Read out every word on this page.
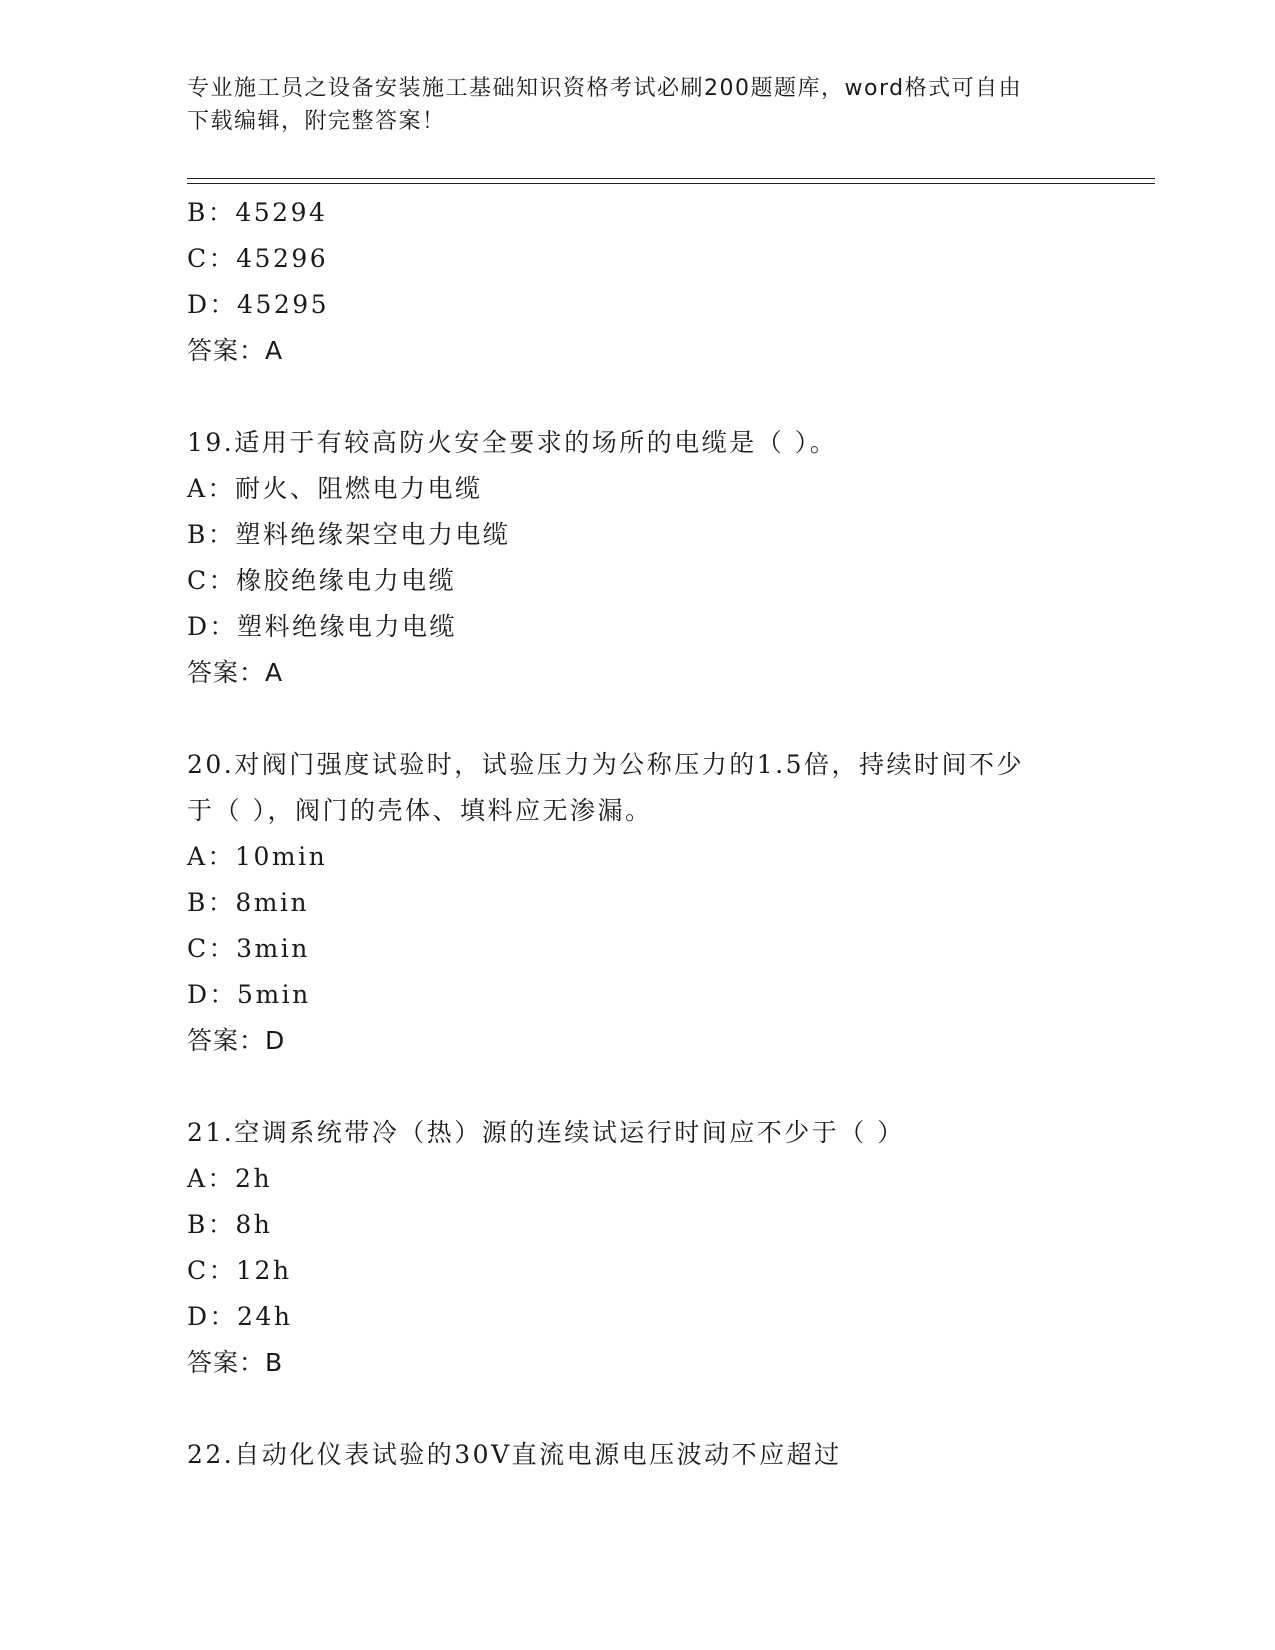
专业施工员之设备安装施工基础知识资格考试必刷200题题库，word格式可自由
下载编辑，附完整答案！
B：45294
C：45296
D：45295
答案：A
19.适用于有较高防火安全要求的场所的电缆是（ ）。
A：耐火、阻燃电力电缆
B：塑料绝缘架空电力电缆
C：橡胶绝缘电力电缆
D：塑料绝缘电力电缆
答案：A
20.对阀门强度试验时，试验压力为公称压力的1.5倍，持续时间不少
于（ ），阀门的壳体、填料应无渗漏。
A：10min
B：8min
C：3min
D：5min
答案：D
21.空调系统带冷（热）源的连续试运行时间应不少于（ ）
A：2h
B：8h
C：12h
D：24h
答案：B
22.自动化仪表试验的30V直流电源电压波动不应超过
